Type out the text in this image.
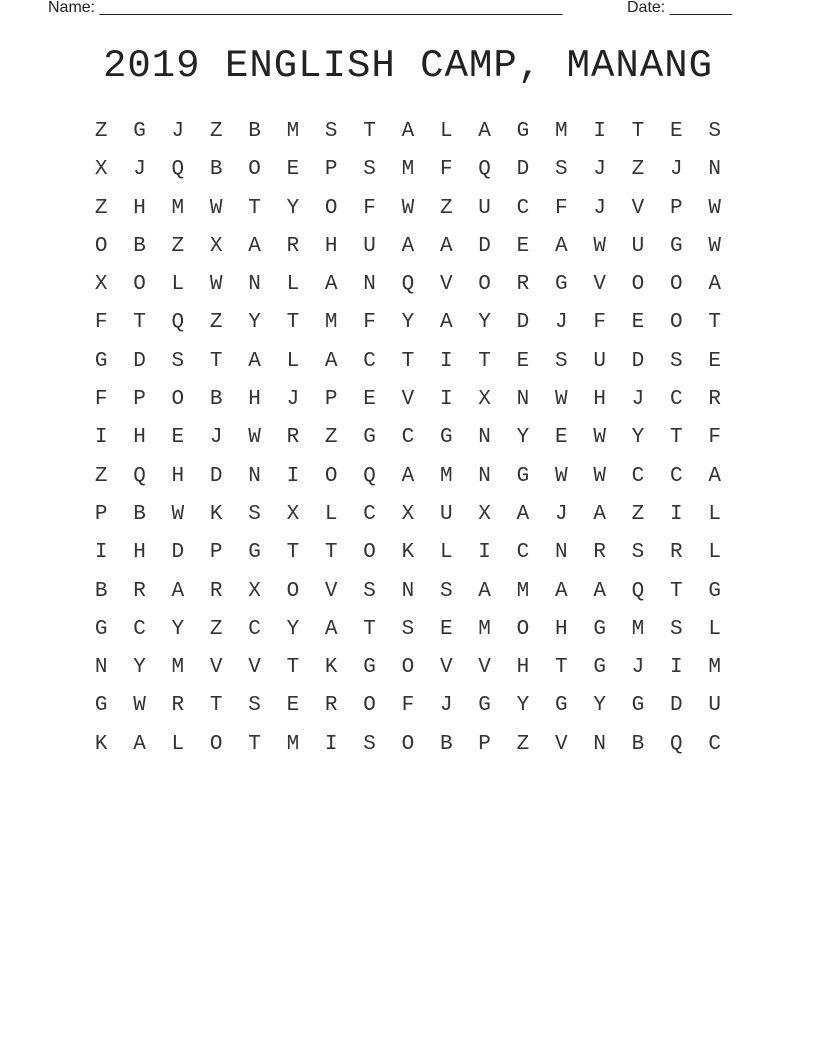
Name: ____________________________________________________	Date: _______
2019 ENGLISH CAMP, MANANG
Z	G	J	Z	B	M	S	T	A	L	A	G	M	I	T	E	S
X	J	Q	B	O	E	P	S	M	F	Q	D	S	J	Z	J	N
Z	H	M	W	T	Y	O	F	W	Z	U	C	F	J	V	P	W
O	B	Z	X	A	R	H	U	A	A	D	E	A	W	U	G	W
X	O	L	W	N	L	A	N	Q	V	O	R	G	V	O	O	A
F	T	Q	Z	Y	T	M	F	Y	A	Y	D	J	F	E	O	T
G	D	S	T	A	L	A	C	T	I	T	E	S	U	D	S	E
F	P	O	B	H	J	P	E	V	I	X	N	W	H	J	C	R
I	H	E	J	W	R	Z	G	C	G	N	Y	E	W	Y	T	F
Z	Q	H	D	N	I	O	Q	A	M	N	G	W	W	C	C	A
P	B	W	K	S	X	L	C	X	U	X	A	J	A	Z	I	L
I	H	D	P	G	T	T	O	K	L	I	C	N	R	S	R	L
B	R	A	R	X	O	V	S	N	S	A	M	A	A	Q	T	G
G	C	Y	Z	C	Y	A	T	S	E	M	O	H	G	M	S	L
N	Y	M	V	V	T	K	G	O	V	V	H	T	G	J	I	M
G	W	R	T	S	E	R	O	F	J	G	Y	G	Y	G	D	U
K	A	L	O	T	M	I	S	O	B	P	Z	V	N	B	Q	C
